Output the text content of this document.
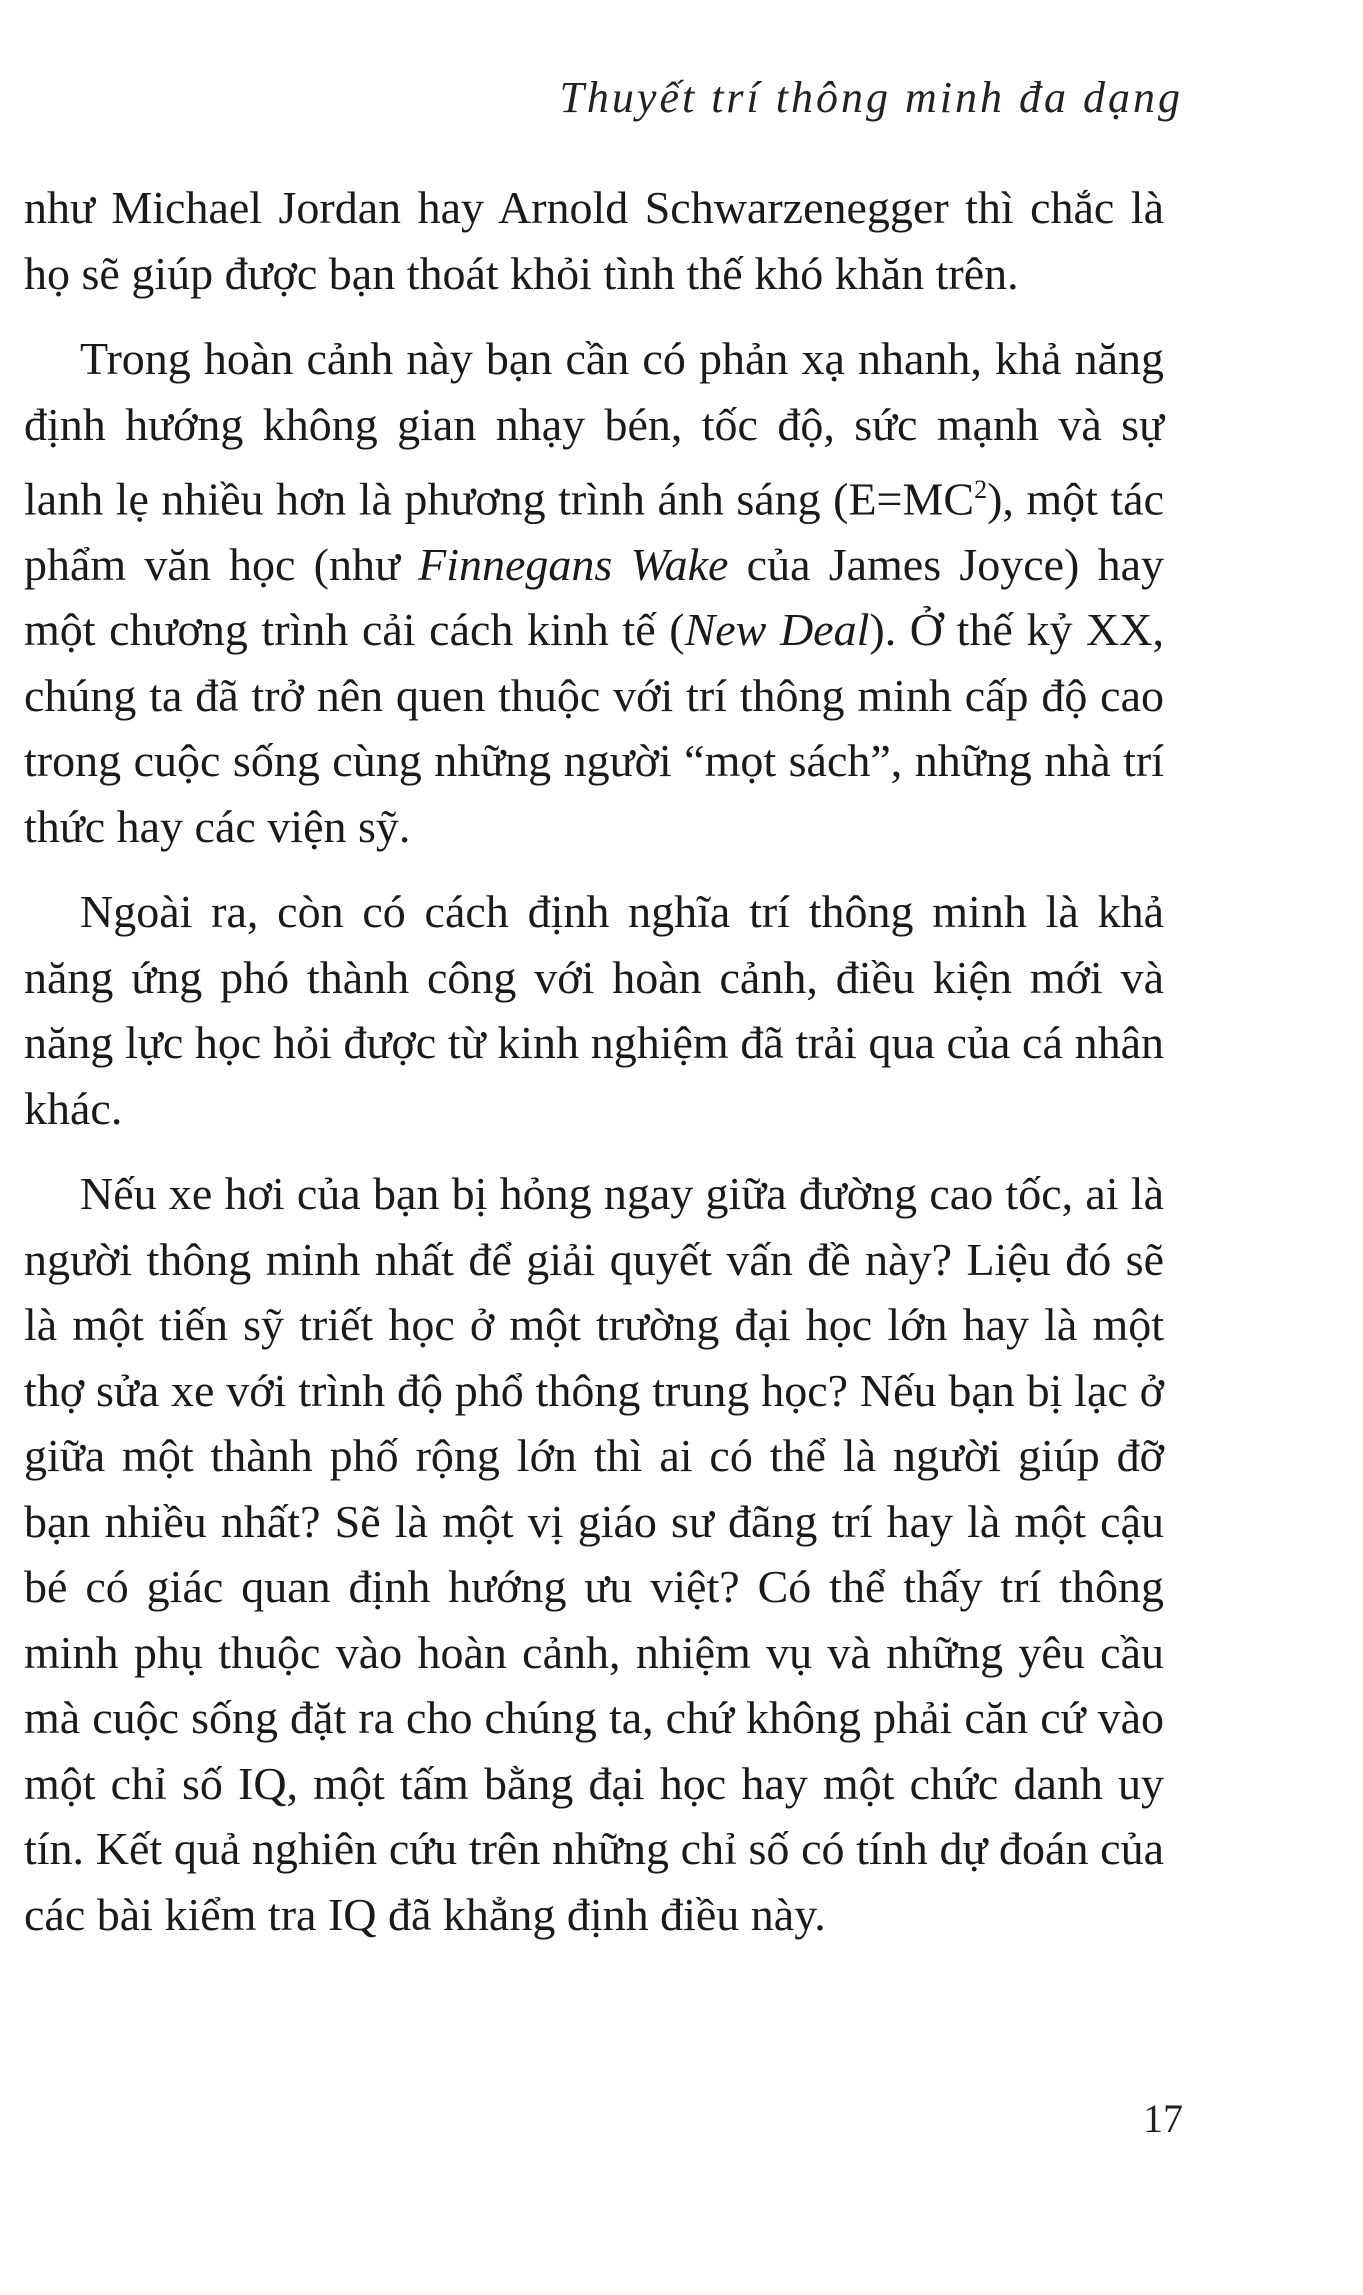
Thuyết trí thông minh đa dạng

như Michael Jordan hay Arnold Schwarzenegger thì chắc là họ sẽ giúp được bạn thoát khỏi tình thế khó khăn trên.

Trong hoàn cảnh này bạn cần có phản xạ nhanh, khả năng định hướng không gian nhạy bén, tốc độ, sức mạnh và sự lanh lẹ nhiều hơn là phương trình ánh sáng $(E=MC^2)$, một tác phẩm văn học (như Finnegans Wake của James Joyce) hay một chương trình cải cách kinh tế (New Deal). Ở thế kỷ XX, chúng ta đã trở nên quen thuộc với trí thông minh cấp độ cao trong cuộc sống cùng những người “mọt sách”, những nhà trí thức hay các viện sỹ.

Ngoài ra, còn có cách định nghĩa trí thông minh là khả năng ứng phó thành công với hoàn cảnh, điều kiện mới và năng lực học hỏi được từ kinh nghiệm đã trải qua của cá nhân khác.

Nếu xe hơi của bạn bị hỏng ngay giữa đường cao tốc, ai là người thông minh nhất để giải quyết vấn đề này? Liệu đó sẽ là một tiến sỹ triết học ở một trường đại học lớn hay là một thợ sửa xe với trình độ phổ thông trung học? Nếu bạn bị lạc ở giữa một thành phố rộng lớn thì ai có thể là người giúp đỡ bạn nhiều nhất? Sẽ là một vị giáo sư đãng trí hay là một cậu bé có giác quan định hướng ưu việt? Có thể thấy trí thông minh phụ thuộc vào hoàn cảnh, nhiệm vụ và những yêu cầu mà cuộc sống đặt ra cho chúng ta, chứ không phải căn cứ vào một chỉ số IQ, một tấm bằng đại học hay một chức danh uy tín. Kết quả nghiên cứu trên những chỉ số có tính dự đoán của các bài kiểm tra IQ đã khẳng định điều này.

17
